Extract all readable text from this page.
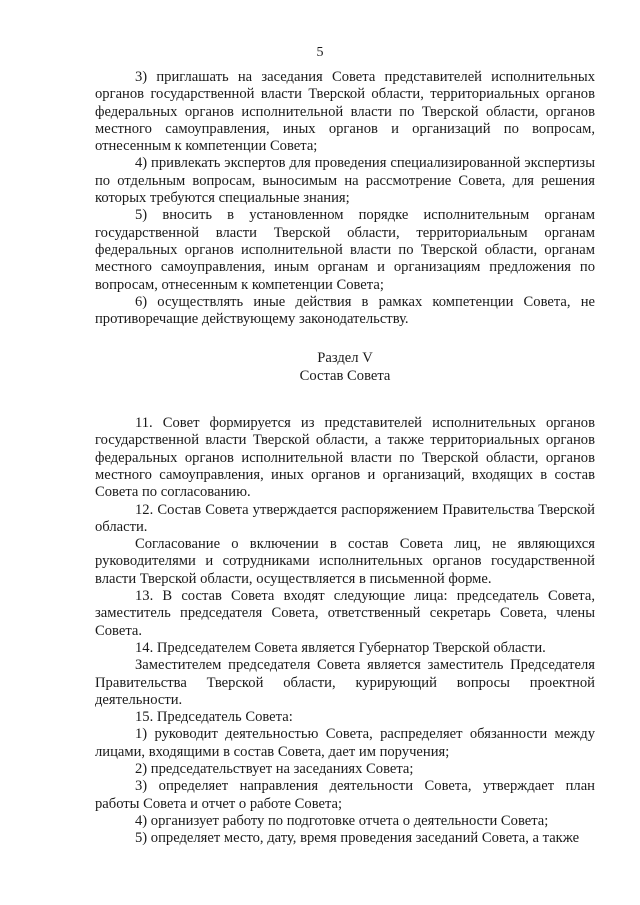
5

3) приглашать на заседания Совета представителей исполнительных органов государственной власти Тверской области, территориальных органов федеральных органов исполнительной власти по Тверской области, органов местного самоуправления, иных органов и организаций по вопросам, отнесенным к компетенции Совета;

4) привлекать экспертов для проведения специализированной экспертизы по отдельным вопросам, выносимым на рассмотрение Совета, для решения которых требуются специальные знания;

5) вносить в установленном порядке исполнительным органам государственной власти Тверской области, территориальным органам федеральных органов исполнительной власти по Тверской области, органам местного самоуправления, иным органам и организациям предложения по вопросам, отнесенным к компетенции Совета;

6) осуществлять иные действия в рамках компетенции Совета, не противоречащие действующему законодательству.

Раздел V
Состав Совета

11. Совет формируется из представителей исполнительных органов государственной власти Тверской области, а также территориальных органов федеральных органов исполнительной власти по Тверской области, органов местного самоуправления, иных органов и организаций, входящих в состав Совета по согласованию.

12. Состав Совета утверждается распоряжением Правительства Тверской области.

Согласование о включении в состав Совета лиц, не являющихся руководителями и сотрудниками исполнительных органов государственной власти Тверской области, осуществляется в письменной форме.

13. В состав Совета входят следующие лица: председатель Совета, заместитель председателя Совета, ответственный секретарь Совета, члены Совета.

14. Председателем Совета является Губернатор Тверской области.

Заместителем председателя Совета является заместитель Председателя Правительства Тверской области, курирующий вопросы проектной деятельности.

15. Председатель Совета:

1) руководит деятельностью Совета, распределяет обязанности между лицами, входящими в состав Совета, дает им поручения;

2) председательствует на заседаниях Совета;

3) определяет направления деятельности Совета, утверждает план работы Совета и отчет о работе Совета;

4) организует работу по подготовке отчета о деятельности Совета;

5) определяет место, дату, время проведения заседаний Совета, а также
